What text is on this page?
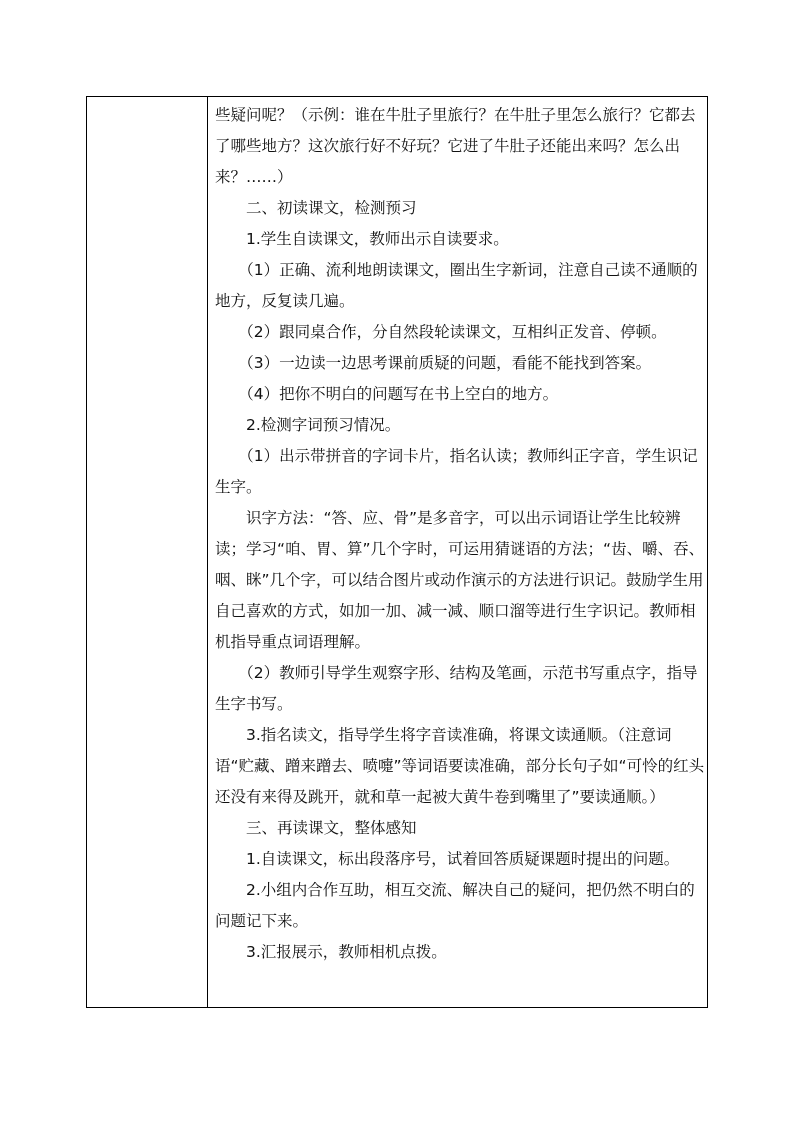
些疑问呢？（示例：谁在牛肚子里旅行？在牛肚子里怎么旅行？它都去了哪些地方？这次旅行好不好玩？它进了牛肚子还能出来吗？怎么出来？……）

二、初读课文，检测预习

1.学生自读课文，教师出示自读要求。

（1）正确、流利地朗读课文，圈出生字新词，注意自己读不通顺的地方，反复读几遍。

（2）跟同桌合作，分自然段轮读课文，互相纠正发音、停顿。

（3）一边读一边思考课前质疑的问题，看能不能找到答案。

（4）把你不明白的问题写在书上空白的地方。

2.检测字词预习情况。

（1）出示带拼音的字词卡片，指名认读；教师纠正字音，学生识记生字。

识字方法：“答、应、骨”是多音字，可以出示词语让学生比较辨读；学习“咱、胃、算”几个字时，可运用猜谜语的方法；“齿、嚼、吞、咽、眯”几个字，可以结合图片或动作演示的方法进行识记。鼓励学生用自己喜欢的方式，如加一加、减一减、顺口溜等进行生字识记。教师相机指导重点词语理解。

（2）教师引导学生观察字形、结构及笔画，示范书写重点字，指导生字书写。

3.指名读文，指导学生将字音读准确，将课文读通顺。（注意词语“贮藏、蹭来蹭去、喷嚏”等词语要读准确，部分长句子如“可怜的红头还没有来得及跳开，就和草一起被大黄牛卷到嘴里了”要读通顺。）

三、再读课文，整体感知

1.自读课文，标出段落序号，试着回答质疑课题时提出的问题。

2.小组内合作互助，相互交流、解决自己的疑问，把仍然不明白的问题记下来。

3.汇报展示，教师相机点拨。
